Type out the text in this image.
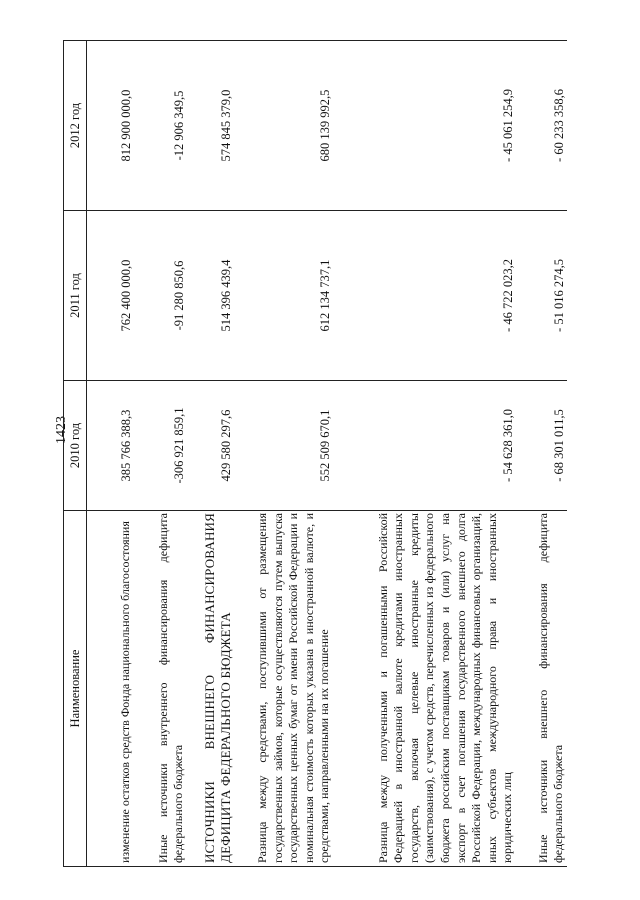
1423
Наименование	2010 год	2011 год	2012 год
изменение остатков средств Фонда национального благосостояния	385 766 388,3	762 400 000,0	812 900 000,0
Иные источники внутреннего финансирования дефицита федерального бюджета	-306 921 859,1	-91 280 850,6	-12 906 349,5
ИСТОЧНИКИ ВНЕШНЕГО ФИНАНСИРОВАНИЯ ДЕФИЦИТА ФЕДЕРАЛЬНОГО БЮДЖЕТА	429 580 297,6	514 396 439,4	574 845 379,0
Разница между средствами, поступившими от размещения государственных займов, которые осуществляются путем выпуска государственных ценных бумаг от имени Российской Федерации и номинальная стоимость которых указана в иностранной валюте, и средствами, направленными на их погашение	552 509 670,1	612 134 737,1	680 139 992,5
Разница между полученными и погашенными Российской Федерацией в иностранной валюте кредитами иностранных государств, включая целевые иностранные кредиты (заимствования), с учетом средств, перечисленных из федерального бюджета российским поставщикам товаров и (или) услуг на экспорт в счет погашения государственного внешнего долга Российской Федерации, международных финансовых организаций, иных субъектов международного права и иностранных юридических лиц	- 54 628 361,0	- 46 722 023,2	- 45 061 254,9
Иные источники внешнего финансирования дефицита федерального бюджета	- 68 301 011,5	- 51 016 274,5	- 60 233 358,6
